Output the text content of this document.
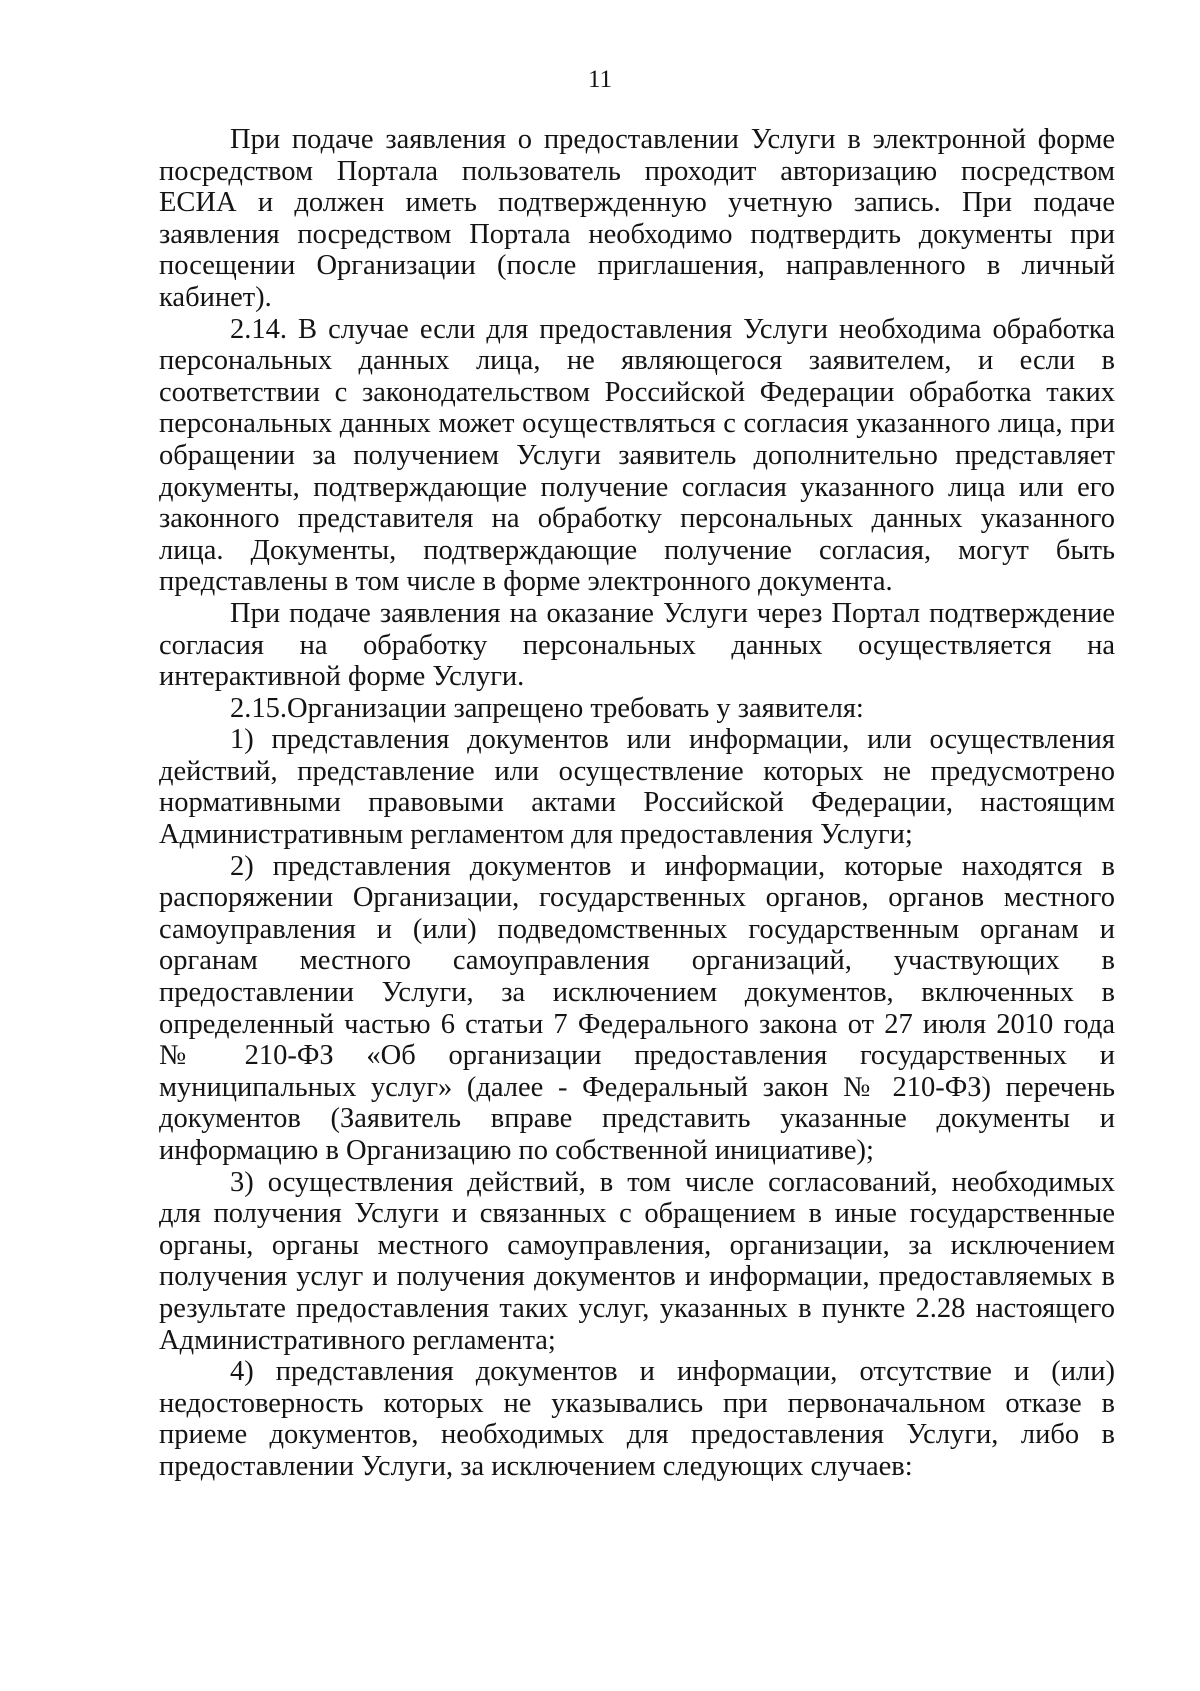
11

При подаче заявления о предоставлении Услуги в электронной форме посредством Портала пользователь проходит авторизацию посредством ЕСИА и должен иметь подтвержденную учетную запись. При подаче заявления посредством Портала необходимо подтвердить документы при посещении Организации (после приглашения, направленного в личный кабинет).

2.14. В случае если для предоставления Услуги необходима обработка персональных данных лица, не являющегося заявителем, и если в соответствии с законодательством Российской Федерации обработка таких персональных данных может осуществляться с согласия указанного лица, при обращении за получением Услуги заявитель дополнительно представляет документы, подтверждающие получение согласия указанного лица или его законного представителя на обработку персональных данных указанного лица. Документы, подтверждающие получение согласия, могут быть представлены в том числе в форме электронного документа.

При подаче заявления на оказание Услуги через Портал подтверждение согласия на обработку персональных данных осуществляется на интерактивной форме Услуги.

2.15.Организации запрещено требовать у заявителя:

1) представления документов или информации, или осуществления действий, представление или осуществление которых не предусмотрено нормативными правовыми актами Российской Федерации, настоящим Административным регламентом для предоставления Услуги;

2) представления документов и информации, которые находятся в распоряжении Организации, государственных органов, органов местного самоуправления и (или) подведомственных государственным органам и органам местного самоуправления организаций, участвующих в предоставлении Услуги, за исключением документов, включенных в определенный частью 6 статьи 7 Федерального закона от 27 июля 2010 года № 210-ФЗ «Об организации предоставления государственных и муниципальных услуг» (далее - Федеральный закон № 210-ФЗ) перечень документов (Заявитель вправе представить указанные документы и информацию в Организацию по собственной инициативе);

3) осуществления действий, в том числе согласований, необходимых для получения Услуги и связанных с обращением в иные государственные органы, органы местного самоуправления, организации, за исключением получения услуг и получения документов и информации, предоставляемых в результате предоставления таких услуг, указанных в пункте 2.28 настоящего Административного регламента;

4) представления документов и информации, отсутствие и (или) недостоверность которых не указывались при первоначальном отказе в приеме документов, необходимых для предоставления Услуги, либо в предоставлении Услуги, за исключением следующих случаев:
